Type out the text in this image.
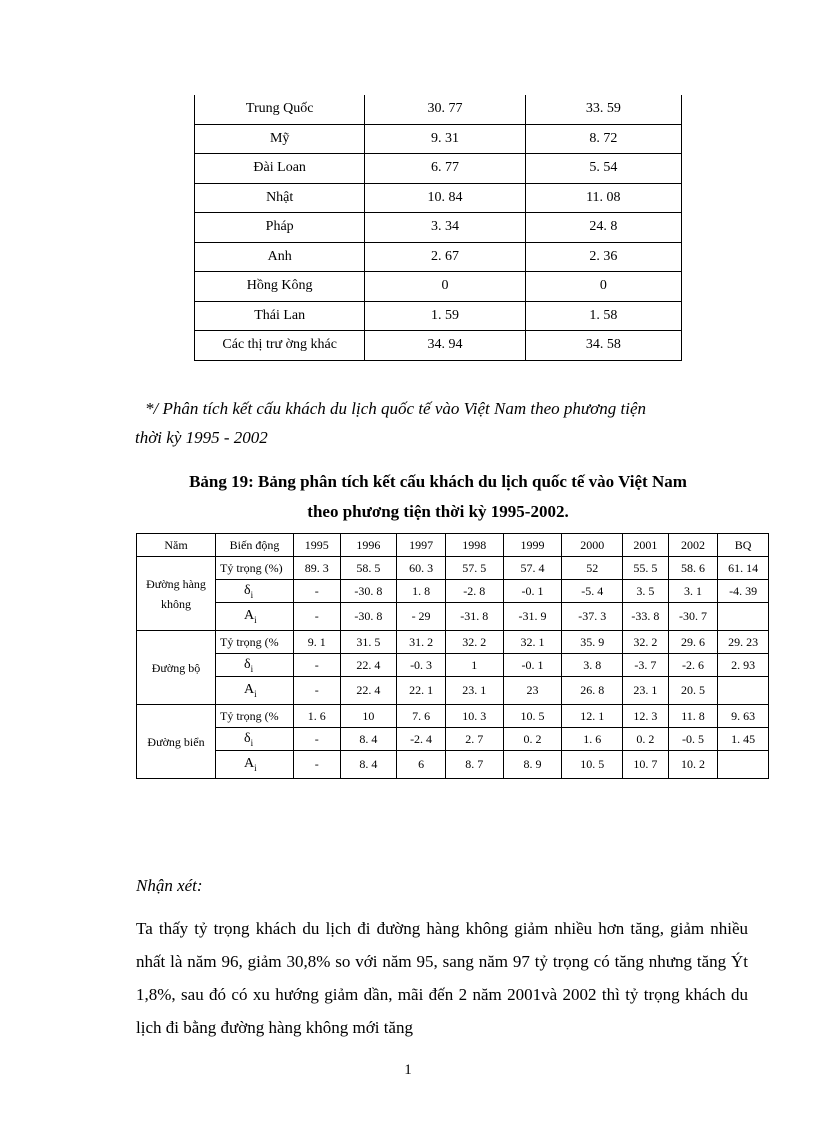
Trung Quốc	30. 77	33. 59
Mỹ	9. 31	8. 72
Đài Loan	6. 77	5. 54
Nhật	10. 84	11. 08
Pháp	3. 34	24. 8
Anh	2. 67	2. 36
Hồng Kông	0	0
Thái Lan	1. 59	1. 58
Các thị trư ờng khác	34. 94	34. 58
*/ Phân tích kết cấu khách du lịch quốc tế vào Việt Nam theo phương tiện
thời kỳ 1995 - 2002
Bảng 19: Bảng phân tích kết cấu khách du lịch quốc tế vào Việt Nam
theo phương tiện thời kỳ 1995-2002.
Năm	Biến động	1995	1996	1997	1998	1999	2000	2001	2002	BQ
Đường hàng không	Tỷ trọng (%)	89. 3	58. 5	60. 3	57. 5	57. 4	52	55. 5	58. 6	61. 14
	$\delta_i$	-	-30. 8	1. 8	-2. 8	-0. 1	-5. 4	3. 5	3. 1	-4. 39
	$A_i$	-	-30. 8	- 29	-31. 8	-31. 9	-37. 3	-33. 8	-30. 7	
Đường bộ	Tỷ trọng (%	9. 1	31. 5	31. 2	32. 2	32. 1	35. 9	32. 2	29. 6	29. 23
	$\delta_i$	-	22. 4	-0. 3	1	-0. 1	3. 8	-3. 7	-2. 6	2. 93
	$A_i$	-	22. 4	22. 1	23. 1	23	26. 8	23. 1	20. 5	
Đường biển	Tỷ trọng (%	1. 6	10	7. 6	10. 3	10. 5	12. 1	12. 3	11. 8	9. 63
	$\delta_i$	-	8. 4	-2. 4	2. 7	0. 2	1. 6	0. 2	-0. 5	1. 45
	$A_i$	-	8. 4	6	8. 7	8. 9	10. 5	10. 7	10. 2	
Nhận xét:
Ta thấy tỷ trọng khách du lịch đi đường hàng không giảm nhiều hơn tăng, giảm nhiều nhất là năm 96, giảm 30,8% so với năm 95, sang năm 97 tỷ trọng có tăng nhưng tăng Ýt 1,8%, sau đó có xu hướng giảm dần, mãi đến 2 năm 2001và 2002 thì tỷ trọng khách du lịch đi bằng đường hàng không mới tăng
1
